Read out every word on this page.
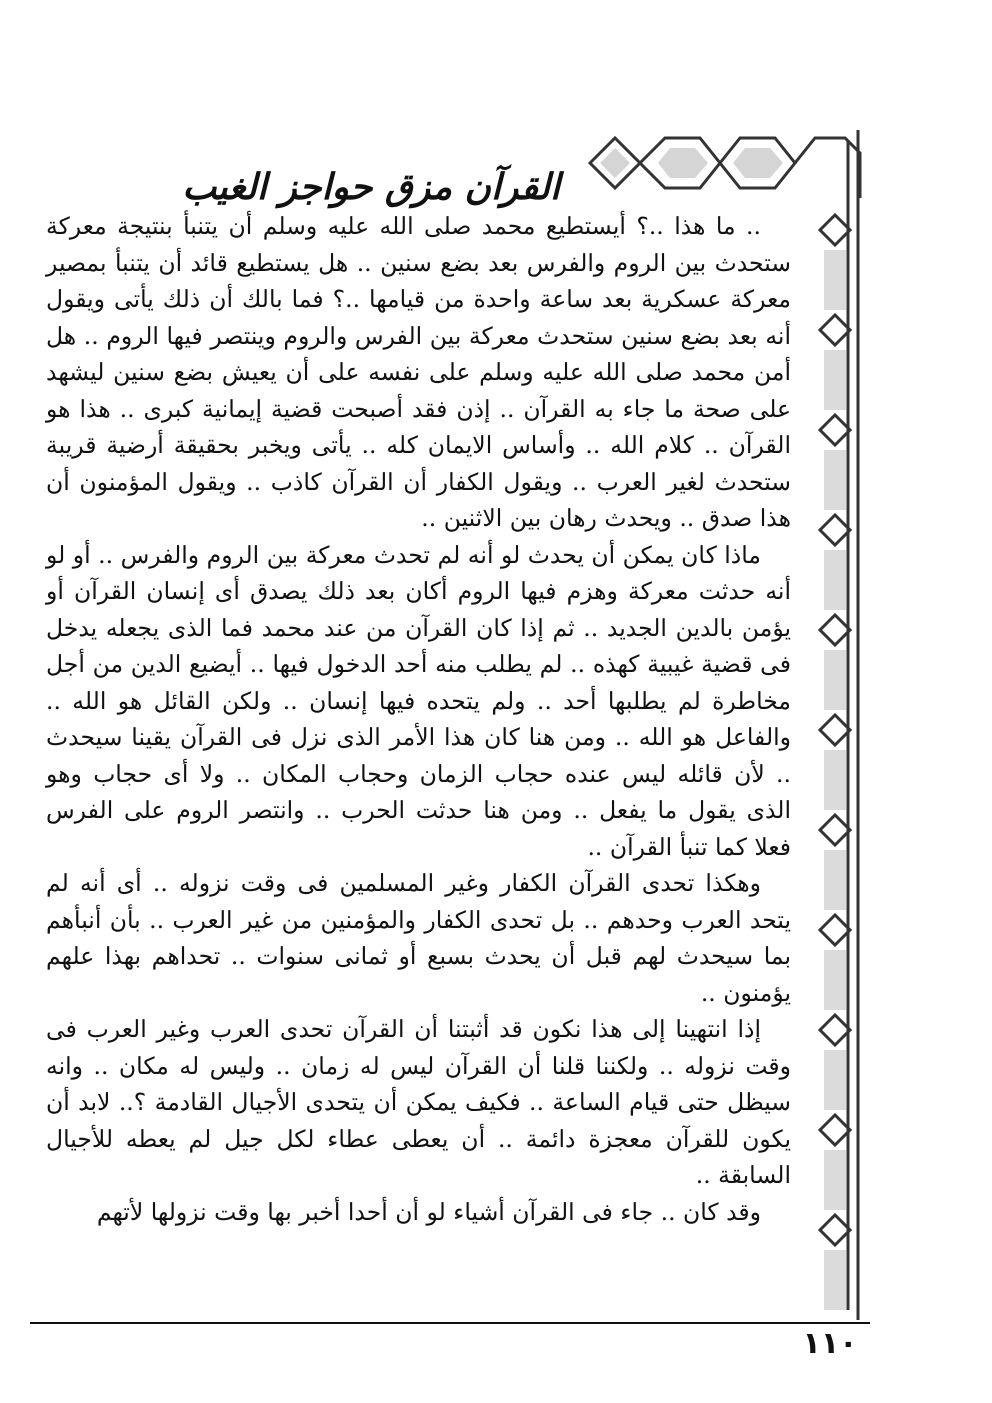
القرآن مزق حواجز الغيب

.. ما هذا ..؟ أيستطيع محمد صلى الله عليه وسلم أن يتنبأ بنتيجة معركة ستحدث بين الروم والفرس بعد بضع سنين .. هل يستطيع قائد أن يتنبأ بمصير معركة عسكرية بعد ساعة واحدة من قيامها ..؟ فما بالك أن ذلك يأتى ويقول أنه بعد بضع سنين ستحدث معركة بين الفرس والروم وينتصر فيها الروم .. هل أمن محمد صلى الله عليه وسلم على نفسه على أن يعيش بضع سنين ليشهد على صحة ما جاء به القرآن .. إذن فقد أصبحت قضية إيمانية كبرى .. هذا هو القرآن .. كلام الله .. وأساس الايمان كله .. يأتى ويخبر بحقيقة أرضية قريبة ستحدث لغير العرب .. ويقول الكفار أن القرآن كاذب .. ويقول المؤمنون أن هذا صدق .. ويحدث رهان بين الاثنين ..

ماذا كان يمكن أن يحدث لو أنه لم تحدث معركة بين الروم والفرس .. أو لو أنه حدثت معركة وهزم فيها الروم أكان بعد ذلك يصدق أى إنسان القرآن أو يؤمن بالدين الجديد .. ثم إذا كان القرآن من عند محمد فما الذى يجعله يدخل فى قضية غيبية كهذه .. لم يطلب منه أحد الدخول فيها .. أيضيع الدين من أجل مخاطرة لم يطلبها أحد .. ولم يتحده فيها إنسان .. ولكن القائل هو الله .. والفاعل هو الله .. ومن هنا كان هذا الأمر الذى نزل فى القرآن يقينا سيحدث .. لأن قائله ليس عنده حجاب الزمان وحجاب المكان .. ولا أى حجاب وهو الذى يقول ما يفعل .. ومن هنا حدثت الحرب .. وانتصر الروم على الفرس فعلا كما تنبأ القرآن ..

وهكذا تحدى القرآن الكفار وغير المسلمين فى وقت نزوله .. أى أنه لم يتحد العرب وحدهم .. بل تحدى الكفار والمؤمنين من غير العرب .. بأن أنبأهم بما سيحدث لهم قبل أن يحدث بسبع أو ثمانى سنوات .. تحداهم بهذا علهم يؤمنون ..

إذا انتهينا إلى هذا نكون قد أثبتنا أن القرآن تحدى العرب وغير العرب فى وقت نزوله .. ولكننا قلنا أن القرآن ليس له زمان .. وليس له مكان .. وانه سيظل حتى قيام الساعة .. فكيف يمكن أن يتحدى الأجيال القادمة ؟.. لابد أن يكون للقرآن معجزة دائمة .. أن يعطى عطاء لكل جيل لم يعطه للأجيال السابقة ..

وقد كان .. جاء فى القرآن أشياء لو أن أحدا أخبر بها وقت نزولها لأتهم

١١٠
